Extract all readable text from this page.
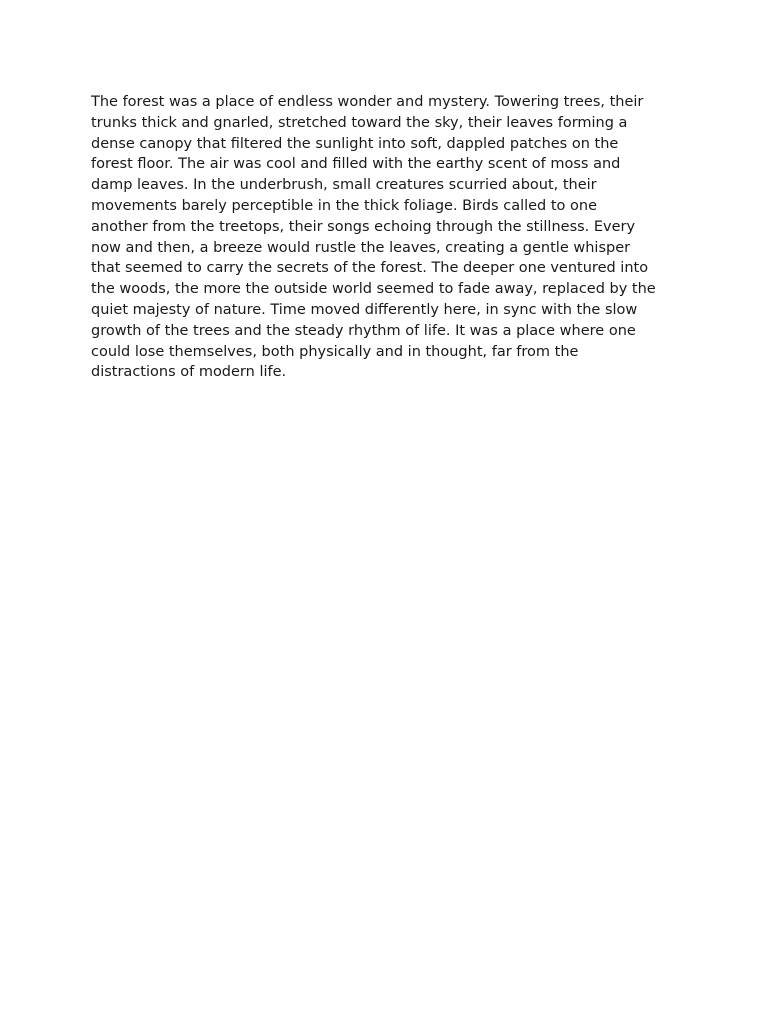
The forest was a place of endless wonder and mystery. Towering trees, their
trunks thick and gnarled, stretched toward the sky, their leaves forming a
dense canopy that filtered the sunlight into soft, dappled patches on the
forest floor. The air was cool and filled with the earthy scent of moss and
damp leaves. In the underbrush, small creatures scurried about, their
movements barely perceptible in the thick foliage. Birds called to one
another from the treetops, their songs echoing through the stillness. Every
now and then, a breeze would rustle the leaves, creating a gentle whisper
that seemed to carry the secrets of the forest. The deeper one ventured into
the woods, the more the outside world seemed to fade away, replaced by the
quiet majesty of nature. Time moved differently here, in sync with the slow
growth of the trees and the steady rhythm of life. It was a place where one
could lose themselves, both physically and in thought, far from the
distractions of modern life.
